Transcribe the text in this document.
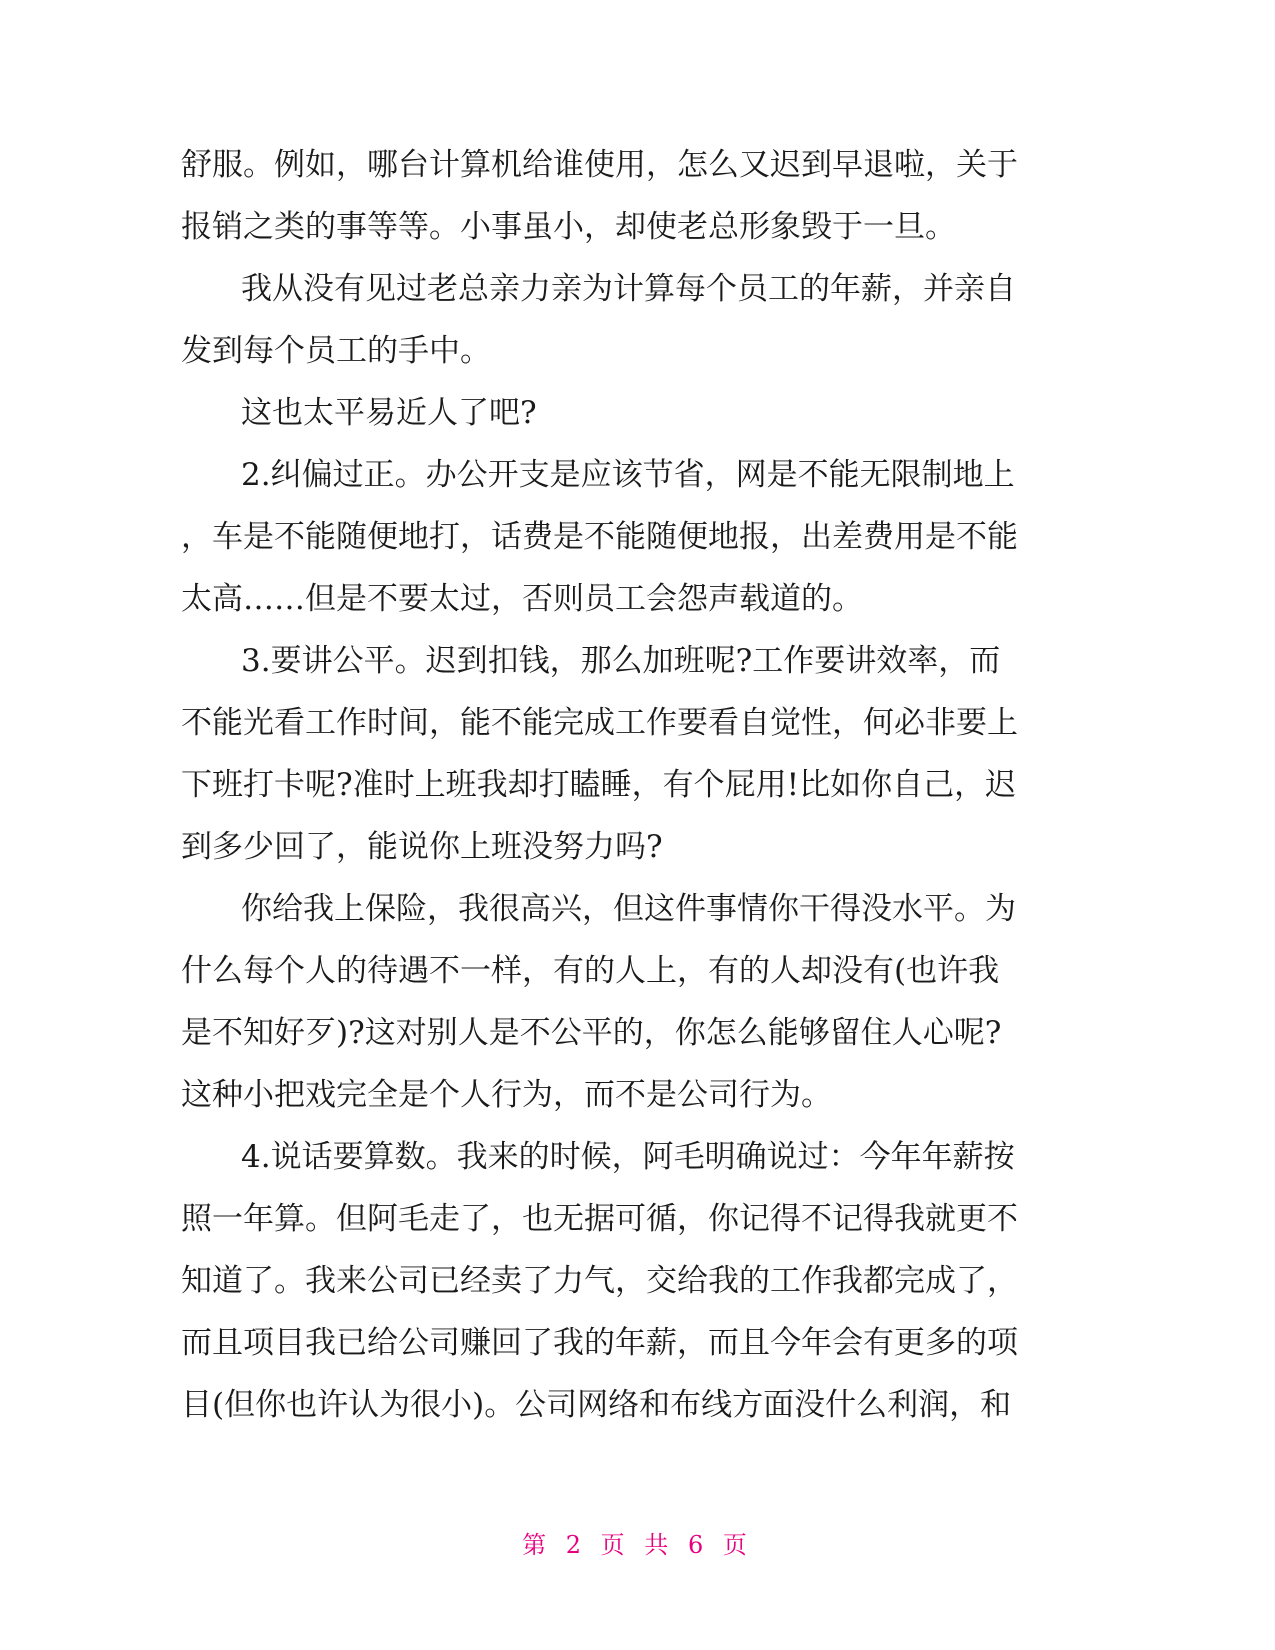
舒服。例如，哪台计算机给谁使用，怎么又迟到早退啦，关于
报销之类的事等等。小事虽小，却使老总形象毁于一旦。
我从没有见过老总亲力亲为计算每个员工的年薪，并亲自
发到每个员工的手中。
这也太平易近人了吧?
2.纠偏过正。办公开支是应该节省，网是不能无限制地上
，车是不能随便地打，话费是不能随便地报，出差费用是不能
太高……但是不要太过，否则员工会怨声载道的。
3.要讲公平。迟到扣钱，那么加班呢?工作要讲效率，而
不能光看工作时间，能不能完成工作要看自觉性，何必非要上
下班打卡呢?准时上班我却打瞌睡，有个屁用!比如你自己，迟
到多少回了，能说你上班没努力吗?
你给我上保险，我很高兴，但这件事情你干得没水平。为
什么每个人的待遇不一样，有的人上，有的人却没有(也许我
是不知好歹)?这对别人是不公平的，你怎么能够留住人心呢?
这种小把戏完全是个人行为，而不是公司行为。
4.说话要算数。我来的时候，阿毛明确说过：今年年薪按
照一年算。但阿毛走了，也无据可循，你记得不记得我就更不
知道了。我来公司已经卖了力气，交给我的工作我都完成了，
而且项目我已给公司赚回了我的年薪，而且今年会有更多的项
目(但你也许认为很小)。公司网络和布线方面没什么利润，和
第 2 页 共 6 页
